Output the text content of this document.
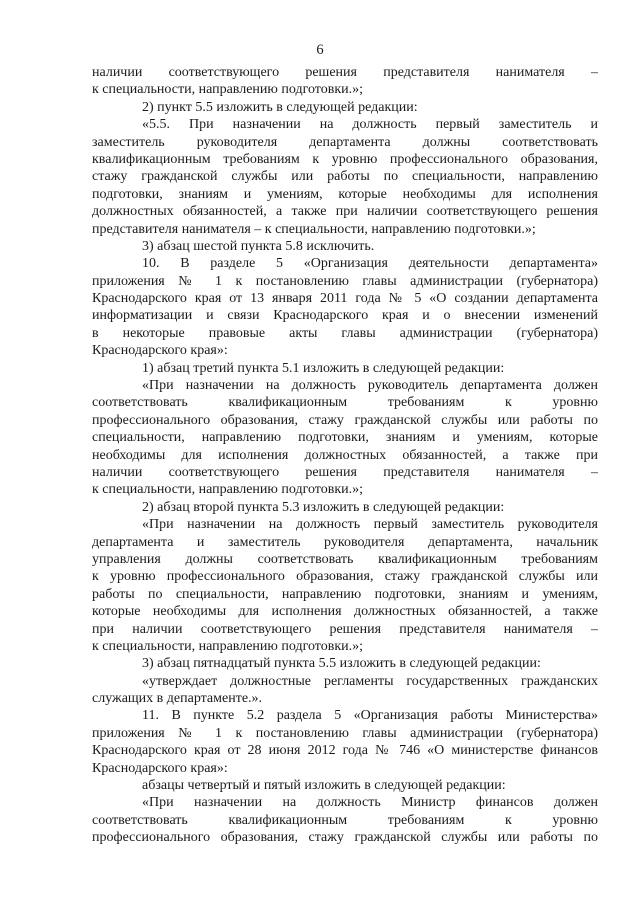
6
наличии соответствующего решения представителя нанимателя –
к специальности, направлению подготовки.»;
2) пункт 5.5 изложить в следующей редакции:
«5.5. При назначении на должность первый заместитель и
заместитель руководителя департамента должны соответствовать
квалификационным требованиям к уровню профессионального образования,
стажу гражданской службы или работы по специальности, направлению
подготовки, знаниям и умениям, которые необходимы для исполнения
должностных обязанностей, а также при наличии соответствующего решения
представителя нанимателя – к специальности, направлению подготовки.»;
3) абзац шестой пункта 5.8 исключить.
10. В разделе 5 «Организация деятельности департамента»
приложения № 1 к постановлению главы администрации (губернатора)
Краснодарского края от 13 января 2011 года № 5 «О создании департамента
информатизации и связи Краснодарского края и о внесении изменений
в некоторые правовые акты главы администрации (губернатора)
Краснодарского края»:
1) абзац третий пункта 5.1 изложить в следующей редакции:
«При назначении на должность руководитель департамента должен
соответствовать квалификационным требованиям к уровню
профессионального образования, стажу гражданской службы или работы по
специальности, направлению подготовки, знаниям и умениям, которые
необходимы для исполнения должностных обязанностей, а также при
наличии соответствующего решения представителя нанимателя –
к специальности, направлению подготовки.»;
2) абзац второй пункта 5.3 изложить в следующей редакции:
«При назначении на должность первый заместитель руководителя
департамента и заместитель руководителя департамента, начальник
управления должны соответствовать квалификационным требованиям
к уровню профессионального образования, стажу гражданской службы или
работы по специальности, направлению подготовки, знаниям и умениям,
которые необходимы для исполнения должностных обязанностей, а также
при наличии соответствующего решения представителя нанимателя –
к специальности, направлению подготовки.»;
3) абзац пятнадцатый пункта 5.5 изложить в следующей редакции:
«утверждает должностные регламенты государственных гражданских
служащих в департаменте.».
11. В пункте 5.2 раздела 5 «Организация работы Министерства»
приложения № 1 к постановлению главы администрации (губернатора)
Краснодарского края от 28 июня 2012 года № 746 «О министерстве финансов
Краснодарского края»:
абзацы четвертый и пятый изложить в следующей редакции:
«При назначении на должность Министр финансов должен
соответствовать квалификационным требованиям к уровню
профессионального образования, стажу гражданской службы или работы по
